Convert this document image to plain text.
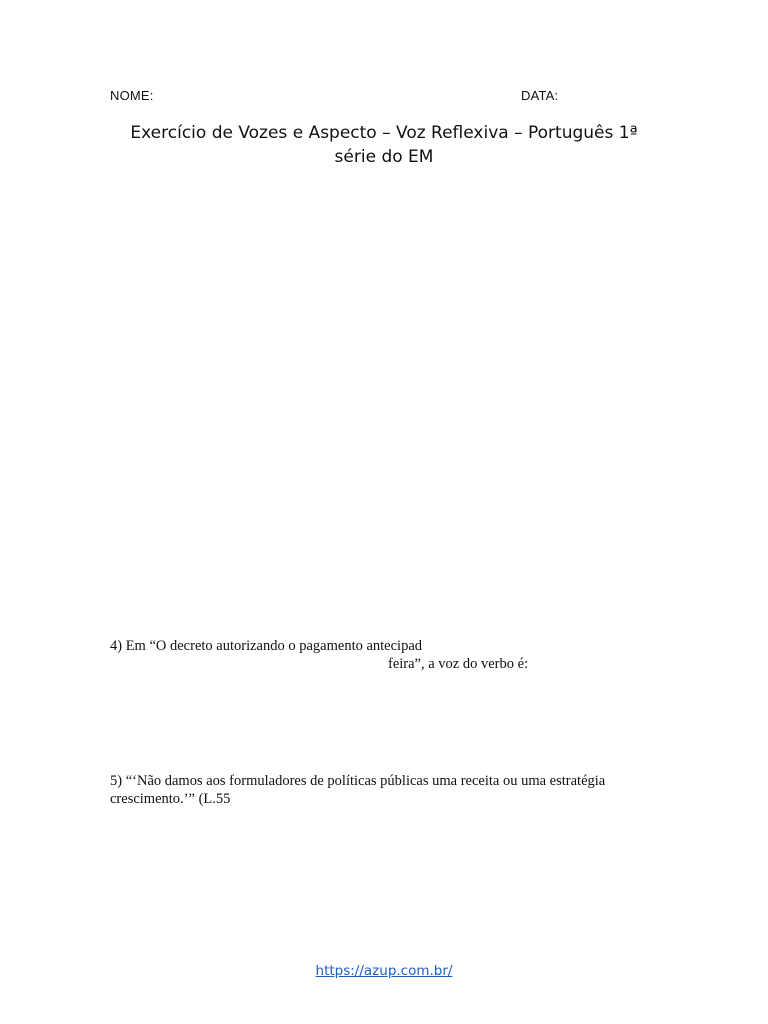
NOME:	DATA:
Exercício de Vozes e Aspecto – Voz Reflexiva – Português 1ª
série do EM
4) Em “O decreto autorizando o pagamento antecipad
feira”, a voz do verbo é:
5) “‘Não damos aos formuladores de políticas públicas uma receita ou uma estratégia
crescimento.’” (L.55
https://azup.com.br/
